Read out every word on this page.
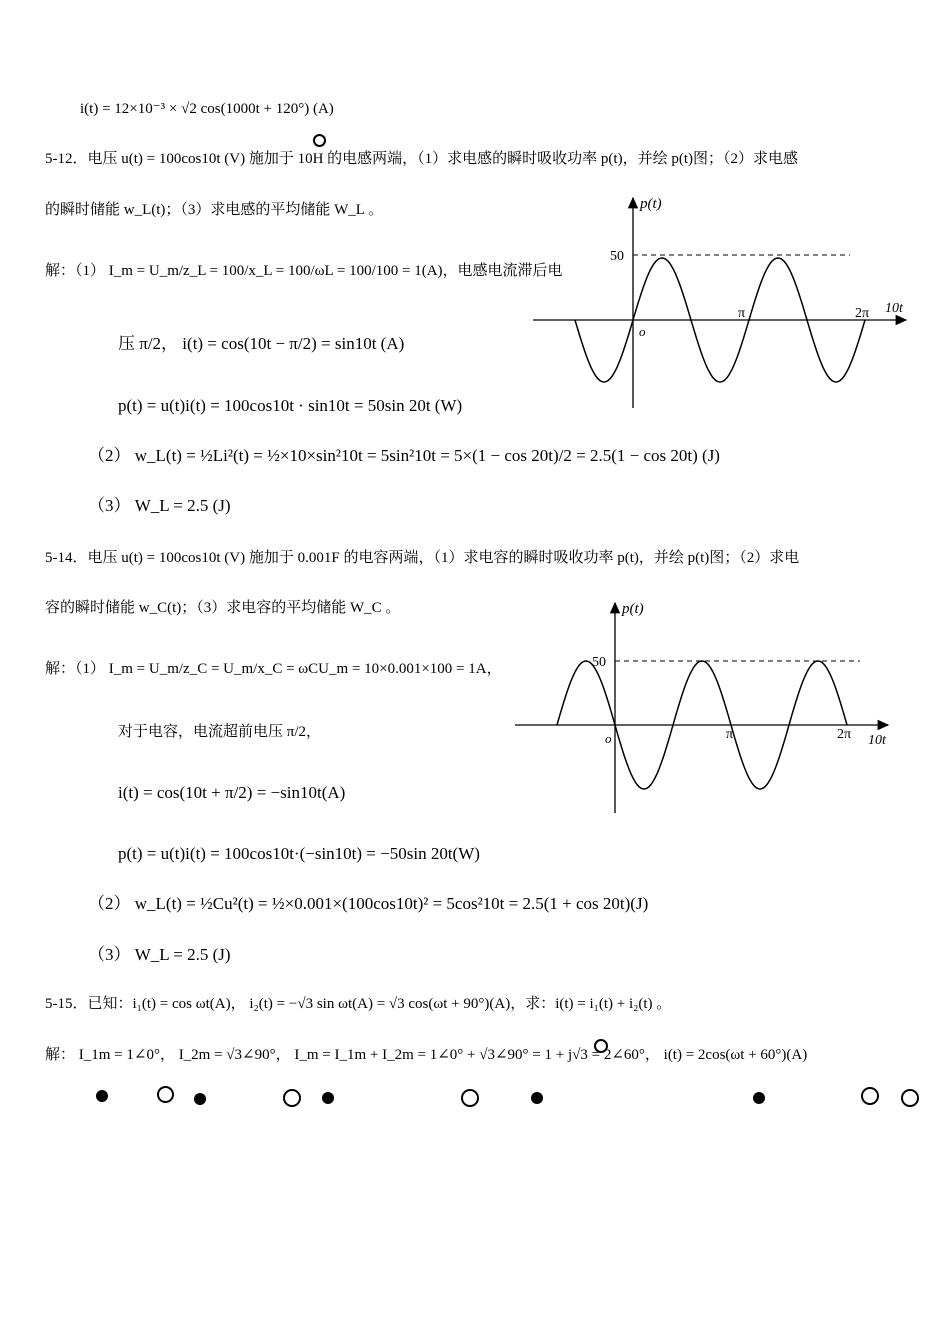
i(t) = 12×10⁻³ × √2 cos(1000t + 120°) (A)
5-12．电压 u(t) = 100cos10t (V) 施加于 10H 的电感两端，（1）求电感的瞬时吸收功率 p(t)，并绘 p(t)图；（2）求电感
的瞬时储能 w_L(t)；（3）求电感的平均储能 W_L 。
解：（1） I_m = U_m/z_L = 100/x_L = 100/ωL = 100/100 = 1(A)，电感电流滞后电
压 π/2， i(t) = cos(10t − π/2) = sin10t (A)
p(t) = u(t)i(t) = 100cos10t · sin10t = 50sin 20t (W)
（2） w_L(t) = ½Li²(t) = ½×10×sin²10t = 5sin²10t = 5×(1 − cos 20t)/2 = 2.5(1 − cos 20t) (J)
（3） W_L = 2.5 (J)
p(t)
50
o
π	2π 10t
5-14．电压 u(t) = 100cos10t (V) 施加于 0.001F 的电容两端，（1）求电容的瞬时吸收功率 p(t)，并绘 p(t)图；（2）求电
容的瞬时储能 w_C(t)；（3）求电容的平均储能 W_C 。
解：（1） I_m = U_m/z_C = U_m/x_C = ωCU_m = 10×0.001×100 = 1A，
对于电容，电流超前电压 π/2，
i(t) = cos(10t + π/2) = −sin10t(A)
p(t) = u(t)i(t) = 100cos10t·(−sin10t) = −50sin 20t(W)
（2） w_L(t) = ½Cu²(t) = ½×0.001×(100cos10t)² = 5cos²10t = 2.5(1 + cos 20t)(J)
（3） W_L = 2.5 (J)
p(t)
50
o	π	2π 10t
5-15．已知：i₁(t) = cos ωt(A)， i₂(t) = −√3 sin ωt(A) = √3 cos(ωt + 90°)(A)，求：i(t) = i₁(t) + i₂(t) 。
解： I_1m = 1∠0°， I_2m = √3∠90°， I_m = I_1m + I_2m = 1∠0° + √3∠90° = 1 + j√3 = 2∠60°， i(t) = 2cos(ωt + 60°)(A)
